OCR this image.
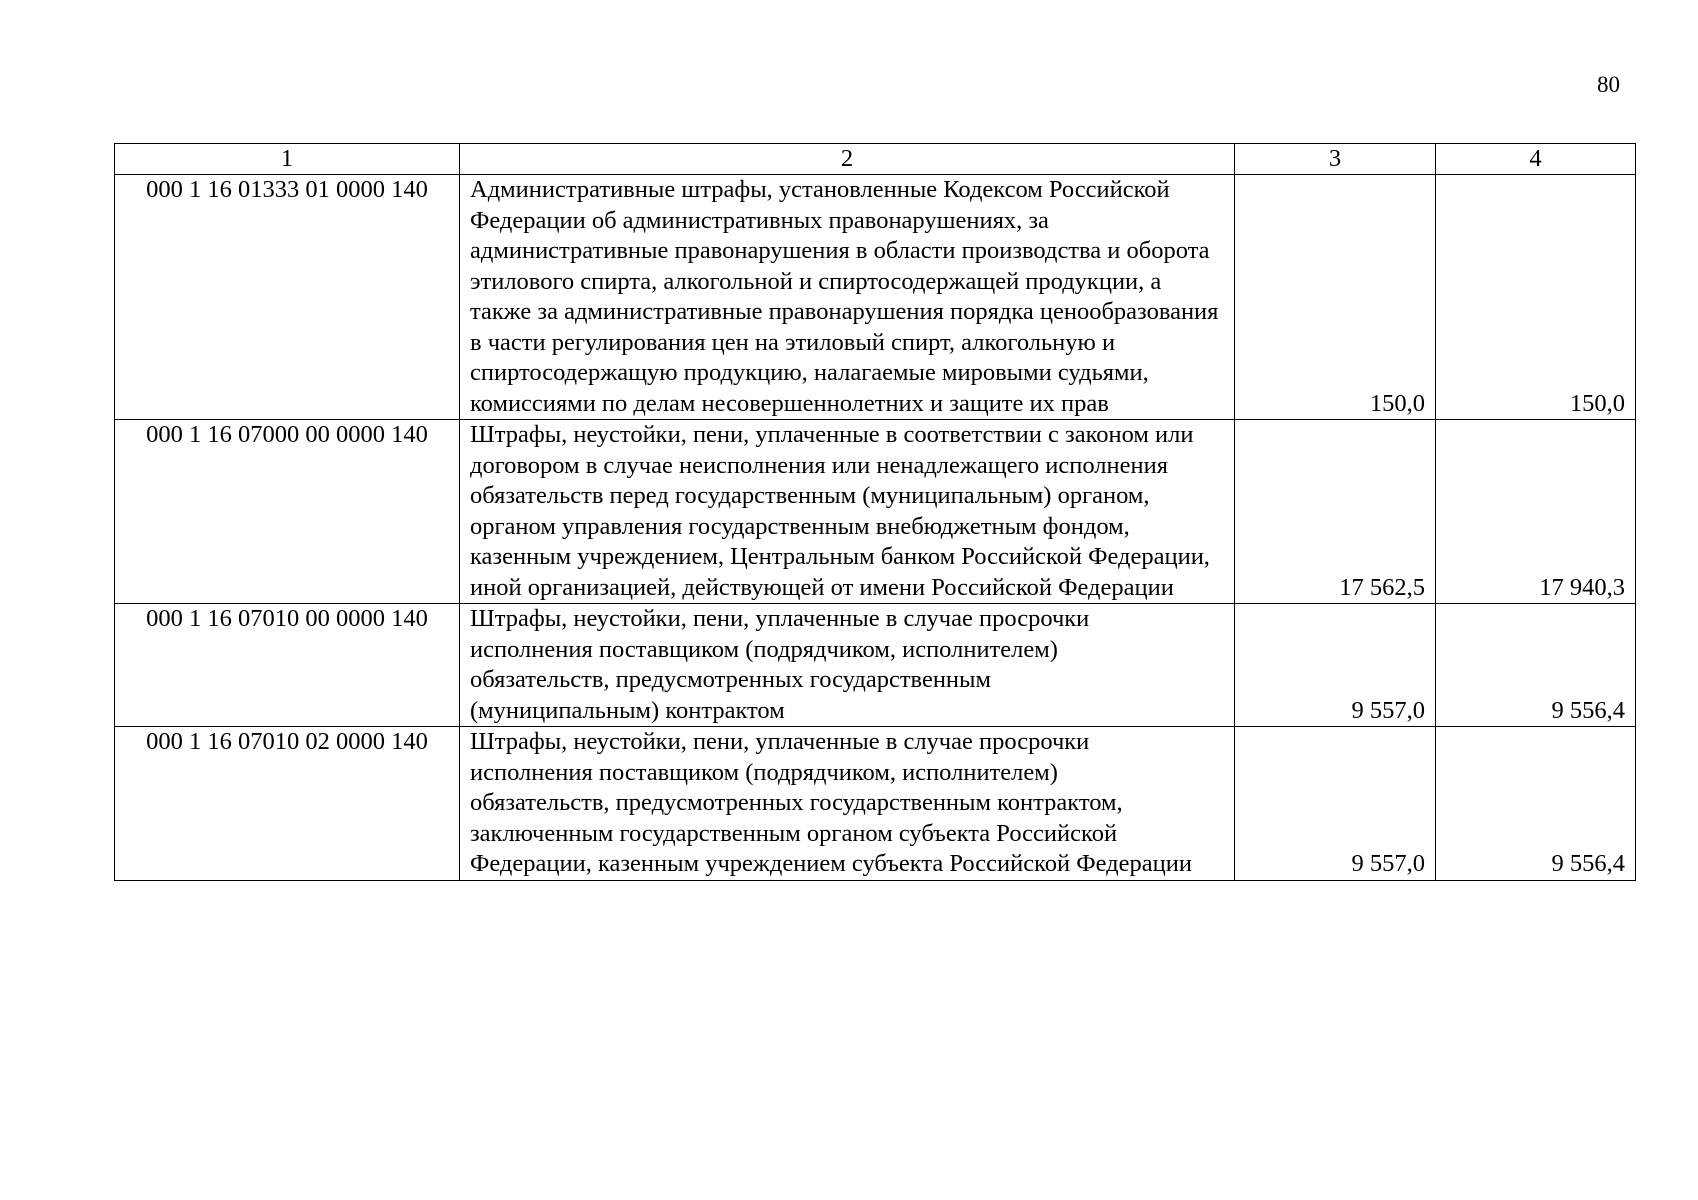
80
1	2	3	4
000 1 16 01333 01 0000 140	Административные штрафы, установленные Кодексом Российской Федерации об административных правонарушениях, за административные правонарушения в области производства и оборота этилового спирта, алкогольной и спиртосодержащей продукции, а также за административные правонарушения порядка ценообразования в части регулирования цен на этиловый спирт, алкогольную и спиртосодержащую продукцию, налагаемые мировыми судьями, комиссиями по делам несовершеннолетних и защите их прав	150,0	150,0
000 1 16 07000 00 0000 140	Штрафы, неустойки, пени, уплаченные в соответствии с законом или договором в случае неисполнения или ненадлежащего исполнения обязательств перед государственным (муниципальным) органом, органом управления государственным внебюджетным фондом, казенным учреждением, Центральным банком Российской Федерации, иной организацией, действующей от имени Российской Федерации	17 562,5	17 940,3
000 1 16 07010 00 0000 140	Штрафы, неустойки, пени, уплаченные в случае просрочки исполнения поставщиком (подрядчиком, исполнителем) обязательств, предусмотренных государственным (муниципальным) контрактом	9 557,0	9 556,4
000 1 16 07010 02 0000 140	Штрафы, неустойки, пени, уплаченные в случае просрочки исполнения поставщиком (подрядчиком, исполнителем) обязательств, предусмотренных государственным контрактом, заключенным государственным органом субъекта Российской Федерации, казенным учреждением субъекта Российской Федерации	9 557,0	9 556,4
